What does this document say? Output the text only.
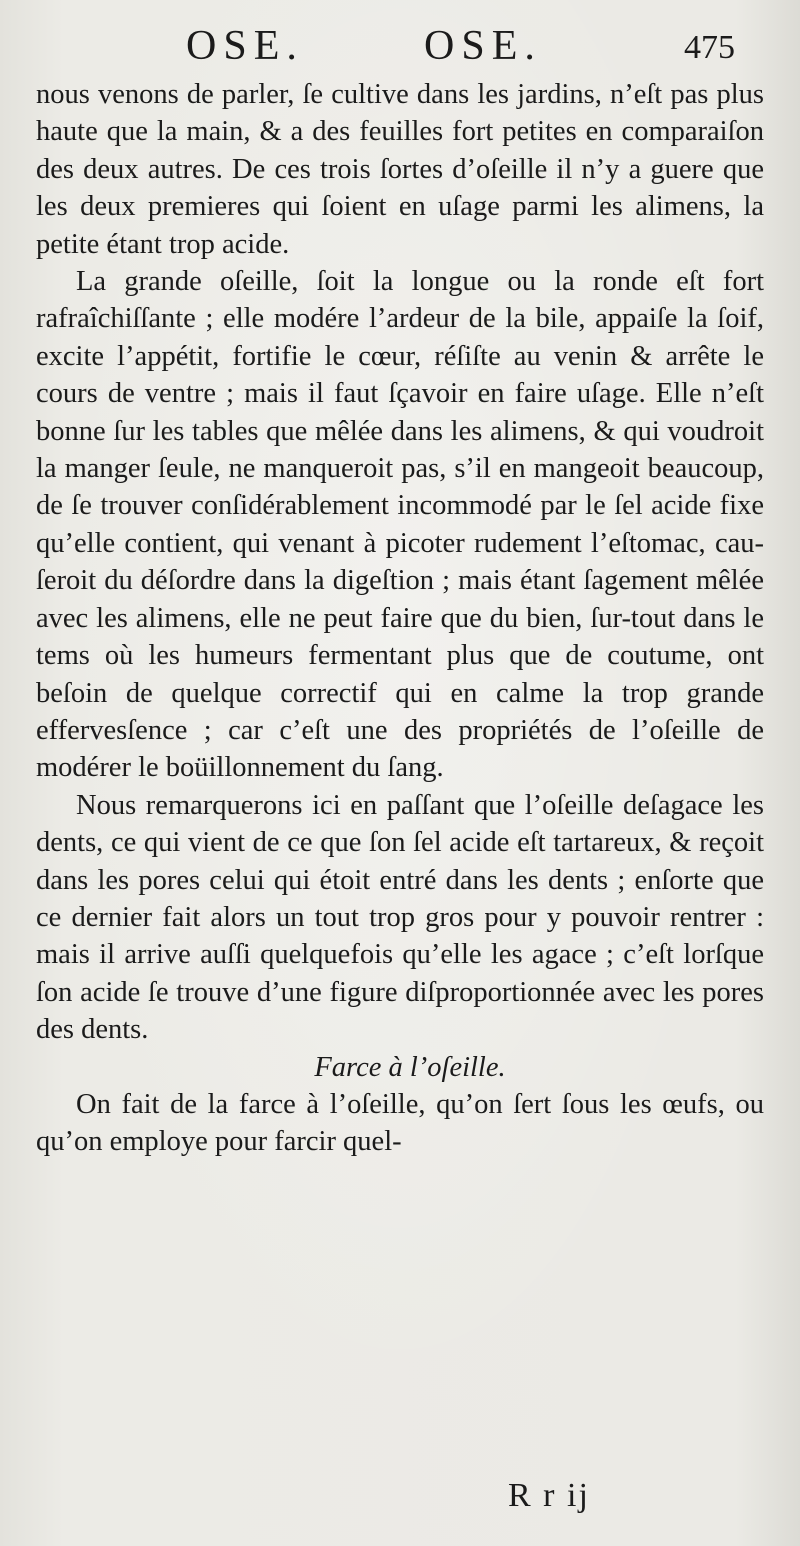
OSE.	OSE.	475

nous venons de parler, ſe cultive dans les jardins, n’eſt pas plus haute que la main, & a des feuilles fort petites en comparaiſon des deux autres. De ces trois ſortes d’oſeille il n’y a guere que les deux premieres qui ſoient en uſage parmi les alimens, la petite étant trop acide.

La grande oſeille, ſoit la longue ou la ronde eſt fort rafraîchiſſante ; elle modére l’ardeur de la bile, appaiſe la ſoif, excite l’appétit, fortifie le cœur, réſiſte au venin & arrête le cours de ventre ; mais il faut ſçavoir en faire uſage. Elle n’eſt bonne ſur les tables que mêlée dans les alimens, & qui voudroit la manger ſeule, ne manqueroit pas, s’il en mangeoit beaucoup, de ſe trouver conſidérablement incommodé par le ſel acide fixe qu’elle contient, qui venant à picoter rudement l’eſtomac, cauſeroit du déſordre dans la digeſtion ; mais étant ſagement mêlée avec les alimens, elle ne peut faire que du bien, ſur-tout dans le tems où les humeurs fermentant plus que de coutume, ont beſoin de quelque correctif qui en calme la trop grande effervesſence ; car c’eſt une des propriétés de l’oſeille de modérer le boüillonnement du ſang.

Nous remarquerons ici en paſſant que l’oſeille deſagace les dents, ce qui vient de ce que ſon ſel acide eſt tartareux, & reçoit dans les pores celui qui étoit entré dans les dents ; enſorte que ce dernier fait alors un tout trop gros pour y pouvoir rentrer : mais il arrive auſſi quelquefois qu’elle les agace ; c’eſt lorſque ſon acide ſe trouve d’une figure diſproportionnée avec les pores des dents.

Farce à l’oſeille.

On fait de la farce à l’oſeille, qu’on ſert ſous les œufs, ou qu’on employe pour farcir quel-

R r ij
